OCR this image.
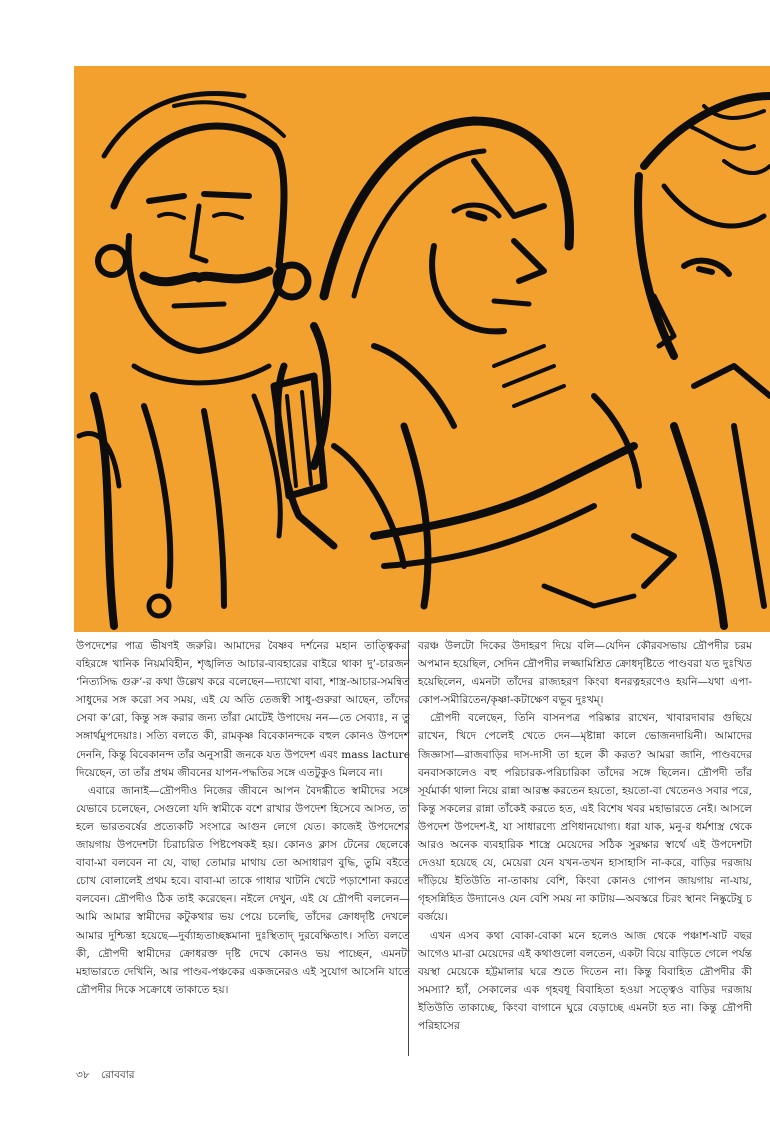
উপদেশের পাত্র ভীষণই জরুরি। আমাদের বৈষ্ণব দর্শনের মহান তাত্ত্বিকরা বহিরঙ্গে খানিক নিয়মবিহীন, শৃঙ্খলিত আচার-ব্যবহারের বাইরে থাকা দু’-চারজন ‘নিত্যসিদ্ধ গুরু’-র কথা উল্লেখ করে বলেছেন—দ্যাখো বাবা, শাস্ত্র-আচার-সমন্বিত সাধুদের সঙ্গ করো সব সময়, এই যে অতি তেজস্বী সাধু-গুরুরা আছেন, তাঁদের সেবা ক’রো, কিন্তু সঙ্গ করার জন্য তাঁরা মোটেই উপাদেয় নন—তে সেব্যাঃ, ন তু সঙ্গার্থমুপদেয়াঃ। সত্যি বলতে কী, রামকৃষ্ণ বিবেকানন্দকে বহুল কোনও উপদেশ দেননি, কিন্তু বিবেকানন্দ তাঁর অনুসারী জনকে যত উপদেশ এবং mass lacture দিয়েছেন, তা তাঁর প্রথম জীবনের যাপন-পদ্ধতির সঙ্গে এতটুকুও মিলবে না।

এবারে জানাই—দ্রৌপদীও নিজের জীবনে আপন বৈদগ্ধীতে স্বামীদের সঙ্গে যেভাবে চলেছেন, সেগুলো যদি স্বামীকে বশে রাখার উপদেশ হিসেবে আসত, তা হলে ভারতবর্ষের প্রত্যেকটি সংসারে আগুন লেগে যেত। কাজেই উপদেশের জায়গায় উপদেশটা চিরাচরিত পিষ্টপেষকই হয়। কোনও ক্লাস টেনের ছেলেকে বাবা-মা বলবেন না যে, বাছা তোমার মাথায় তো অসাধারণ বুদ্ধি, তুমি বইতে চোখ বোলালেই প্রথম হবে। বাবা-মা তাকে গাধার খাটনি খেটে পড়াশোনা করতে বলবেন। দ্রৌপদীও ঠিক তাই করেছেন। নইলে দেখুন, এই যে দ্রৌপদী বললেন—আমি আমার স্বামীদের কটুকথার ভয় পেয়ে চলেছি, তাঁদের ক্রোধদৃষ্টি দেখলে আমার দুশ্চিন্তা হয়েছে—দুর্ব্যাহৃতাচ্ছঙ্কমানা দুঃস্থিতাদ্ দুরবেক্ষিতাৎ। সত্যি বলতে কী, দ্রৌপদী স্বামীদের ক্রোধরক্ত দৃষ্টি দেখে কোনও ভয় পাচ্ছেন, এমনটা মহাভারতে দেখিনি, আর পাণ্ডব-পঞ্চকের একজনেরও এই সুযোগ আসেনি যাতে দ্রৌপদীর দিকে সক্রোধে তাকাতে হয়।

বরঞ্চ উলটো দিকের উদাহরণ দিয়ে বলি—যেদিন কৌরবসভায় দ্রৌপদীর চরম অপমান হয়েছিল, সেদিন দ্রৌপদীর লজ্জামিশ্রিত ক্রোধদৃষ্টিতে পাণ্ডবরা যত দুঃখিত হয়েছিলেন, এমনটা তাঁদের রাজ্যহরণ কিংবা ধনরত্নহরণেও হয়নি—যথা এপা-কোপ-সমীরিতেন/কৃষ্ণা-কটাক্ষেণ বভূব দুঃখম্।

দ্রৌপদী বলেছেন, তিনি বাসনপত্র পরিষ্কার রাখেন, খাবারদাবার গুছিয়ে রাখেন, খিদে পেলেই খেতে দেন—মৃষ্টান্না কালে ভোজনদায়িনী। আমাদের জিজ্ঞাসা—রাজবাড়ির দাস-দাসী তা হলে কী করত? আমরা জানি, পাণ্ডবদের বনবাসকালেও বহু পরিচারক-পরিচারিকা তাঁদের সঙ্গে ছিলেন। দ্রৌপদী তাঁর সূর্যমার্কা থালা নিয়ে রান্না আরম্ভ করতেন হয়তো, হয়তো-বা খেতেনও সবার পরে, কিন্তু সকলের রান্না তাঁকেই করতে হত, এই বিশেষ খবর মহাভারতে নেই। আসলে উপদেশ উপদেশ-ই, যা সাধারণ্যে প্রণিধানযোগ্য। ধরা যাক, মনু-র ধর্মশাস্ত্র থেকে আরও অনেক ব্যবহারিক শাস্ত্রে মেয়েদের সঠিক সুরক্ষার স্বার্থে এই উপদেশটা দেওয়া হয়েছে যে, মেয়েরা যেন যখন-তখন হাসাহাসি না-করে, বাড়ির দরজায় দাঁড়িয়ে ইতিউতি না-তাকায় বেশি, কিংবা কোনও গোপন জায়গায় না-যায়, গৃহসন্নিহিত উদ্যানেও যেন বেশি সময় না কাটায়—অবস্করে চিরং স্থানং নিষ্কুটেষু চ বর্জয়ে।

এখন এসব কথা বোকা-বোকা মনে হলেও আজ থেকে পঞ্চাশ-ষাট বছর আগেও মা-রা মেয়েদের এই কথাগুলো বলতেন, একটা বিয়ে বাড়িতে গেলে পর্যন্ত বয়স্থা মেয়েকে হট্টমালার ঘরে শুতে দিতেন না। কিন্তু বিবাহিত দ্রৌপদীর কী সমস্যা? হ্যাঁ, সেকালের এক গৃহবধূ বিবাহিতা হওয়া সত্ত্বেও বাড়ির দরজায় ইতিউতি তাকাচ্ছে, কিংবা বাগানে ঘুরে বেড়াচ্ছে এমনটা হত না। কিন্তু দ্রৌপদী পরিহাসের

৩৮ রোববার
